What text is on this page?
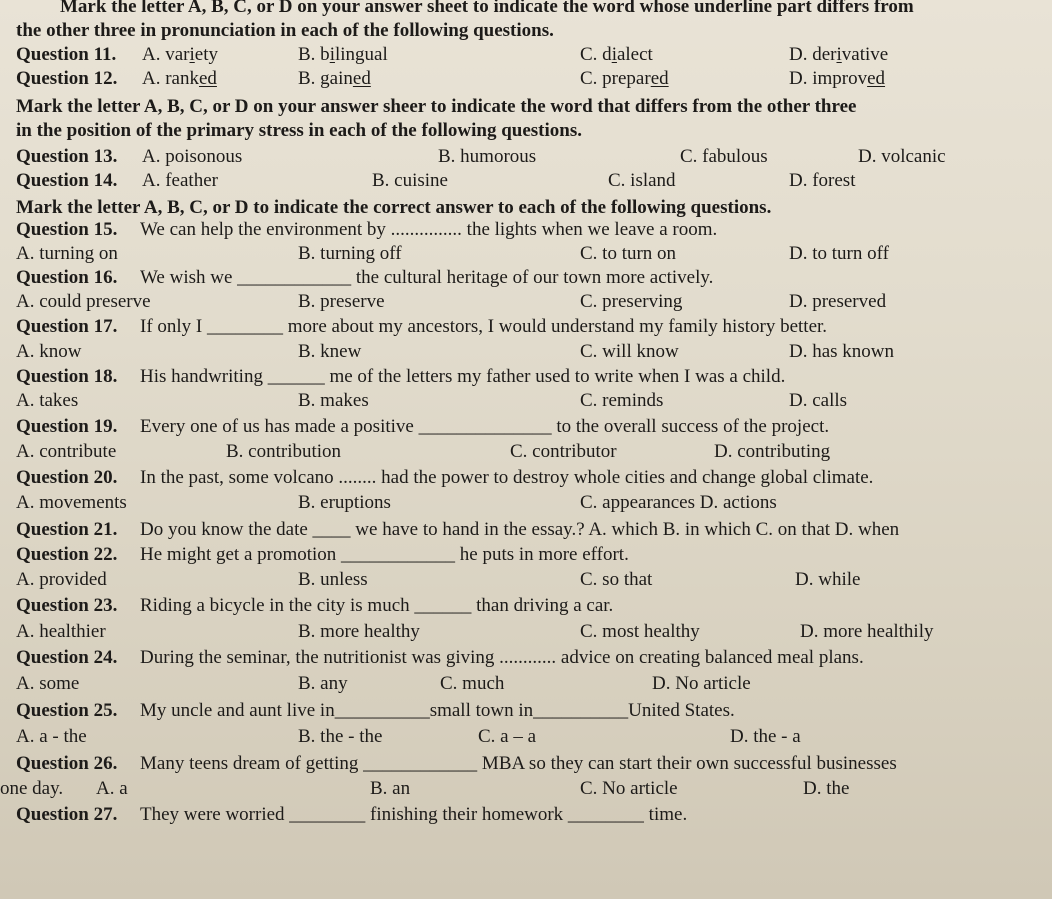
Mark the letter A, B, C, or D on your answer sheet to indicate the word whose underline part differs from
the other three in pronunciation in each of the following questions.
Question 11. A. variety	B. bilingual	C. dialect	D. derivative
Question 12. A. ranked	B. gained	C. prepared	D. improved
Mark the letter A, B, C, or D on your answer sheer to indicate the word that differs from the other three
in the position of the primary stress in each of the following questions.
Question 13. A. poisonous	B. humorous	C. fabulous	D. volcanic
Question 14. A. feather	B. cuisine	C. island	D. forest
Mark the letter A, B, C, or D to indicate the correct answer to each of the following questions.
Question 15. We can help the environment by ............... the lights when we leave a room.
A. turning on	B. turning off	C. to turn on	D. to turn off
Question 16. We wish we ____________ the cultural heritage of our town more actively.
A. could preserve	B. preserve	C. preserving	D. preserved
Question 17. If only I ________ more about my ancestors, I would understand my family history better.
A. know	B. knew	C. will know	D. has known
Question 18. His handwriting ______ me of the letters my father used to write when I was a child.
A. takes	B. makes	C. reminds	D. calls
Question 19. Every one of us has made a positive ______________ to the overall success of the project.
A. contribute	B. contribution	C. contributor	D. contributing
Question 20. In the past, some volcano ........ had the power to destroy whole cities and change global climate.
A. movements	B. eruptions	C. appearances D. actions
Question 21. Do you know the date ____ we have to hand in the essay.? A. which B. in which C. on that D. when
Question 22. He might get a promotion ____________ he puts in more effort.
A. provided	B. unless	C. so that	D. while
Question 23. Riding a bicycle in the city is much ______ than driving a car.
A. healthier	B. more healthy	C. most healthy	D. more healthily
Question 24. During the seminar, the nutritionist was giving ............ advice on creating balanced meal plans.
A. some	B. any	C. much	D. No article
Question 25. My uncle and aunt live in__________small town in__________United States.
A. a - the	B. the - the	C. a – a	D. the - a
Question 26. Many teens dream of getting ____________ MBA so they can start their own successful businesses
one day. A. a	B. an	C. No article	D. the
Question 27. They were worried ________ finishing their homework ________ time.
